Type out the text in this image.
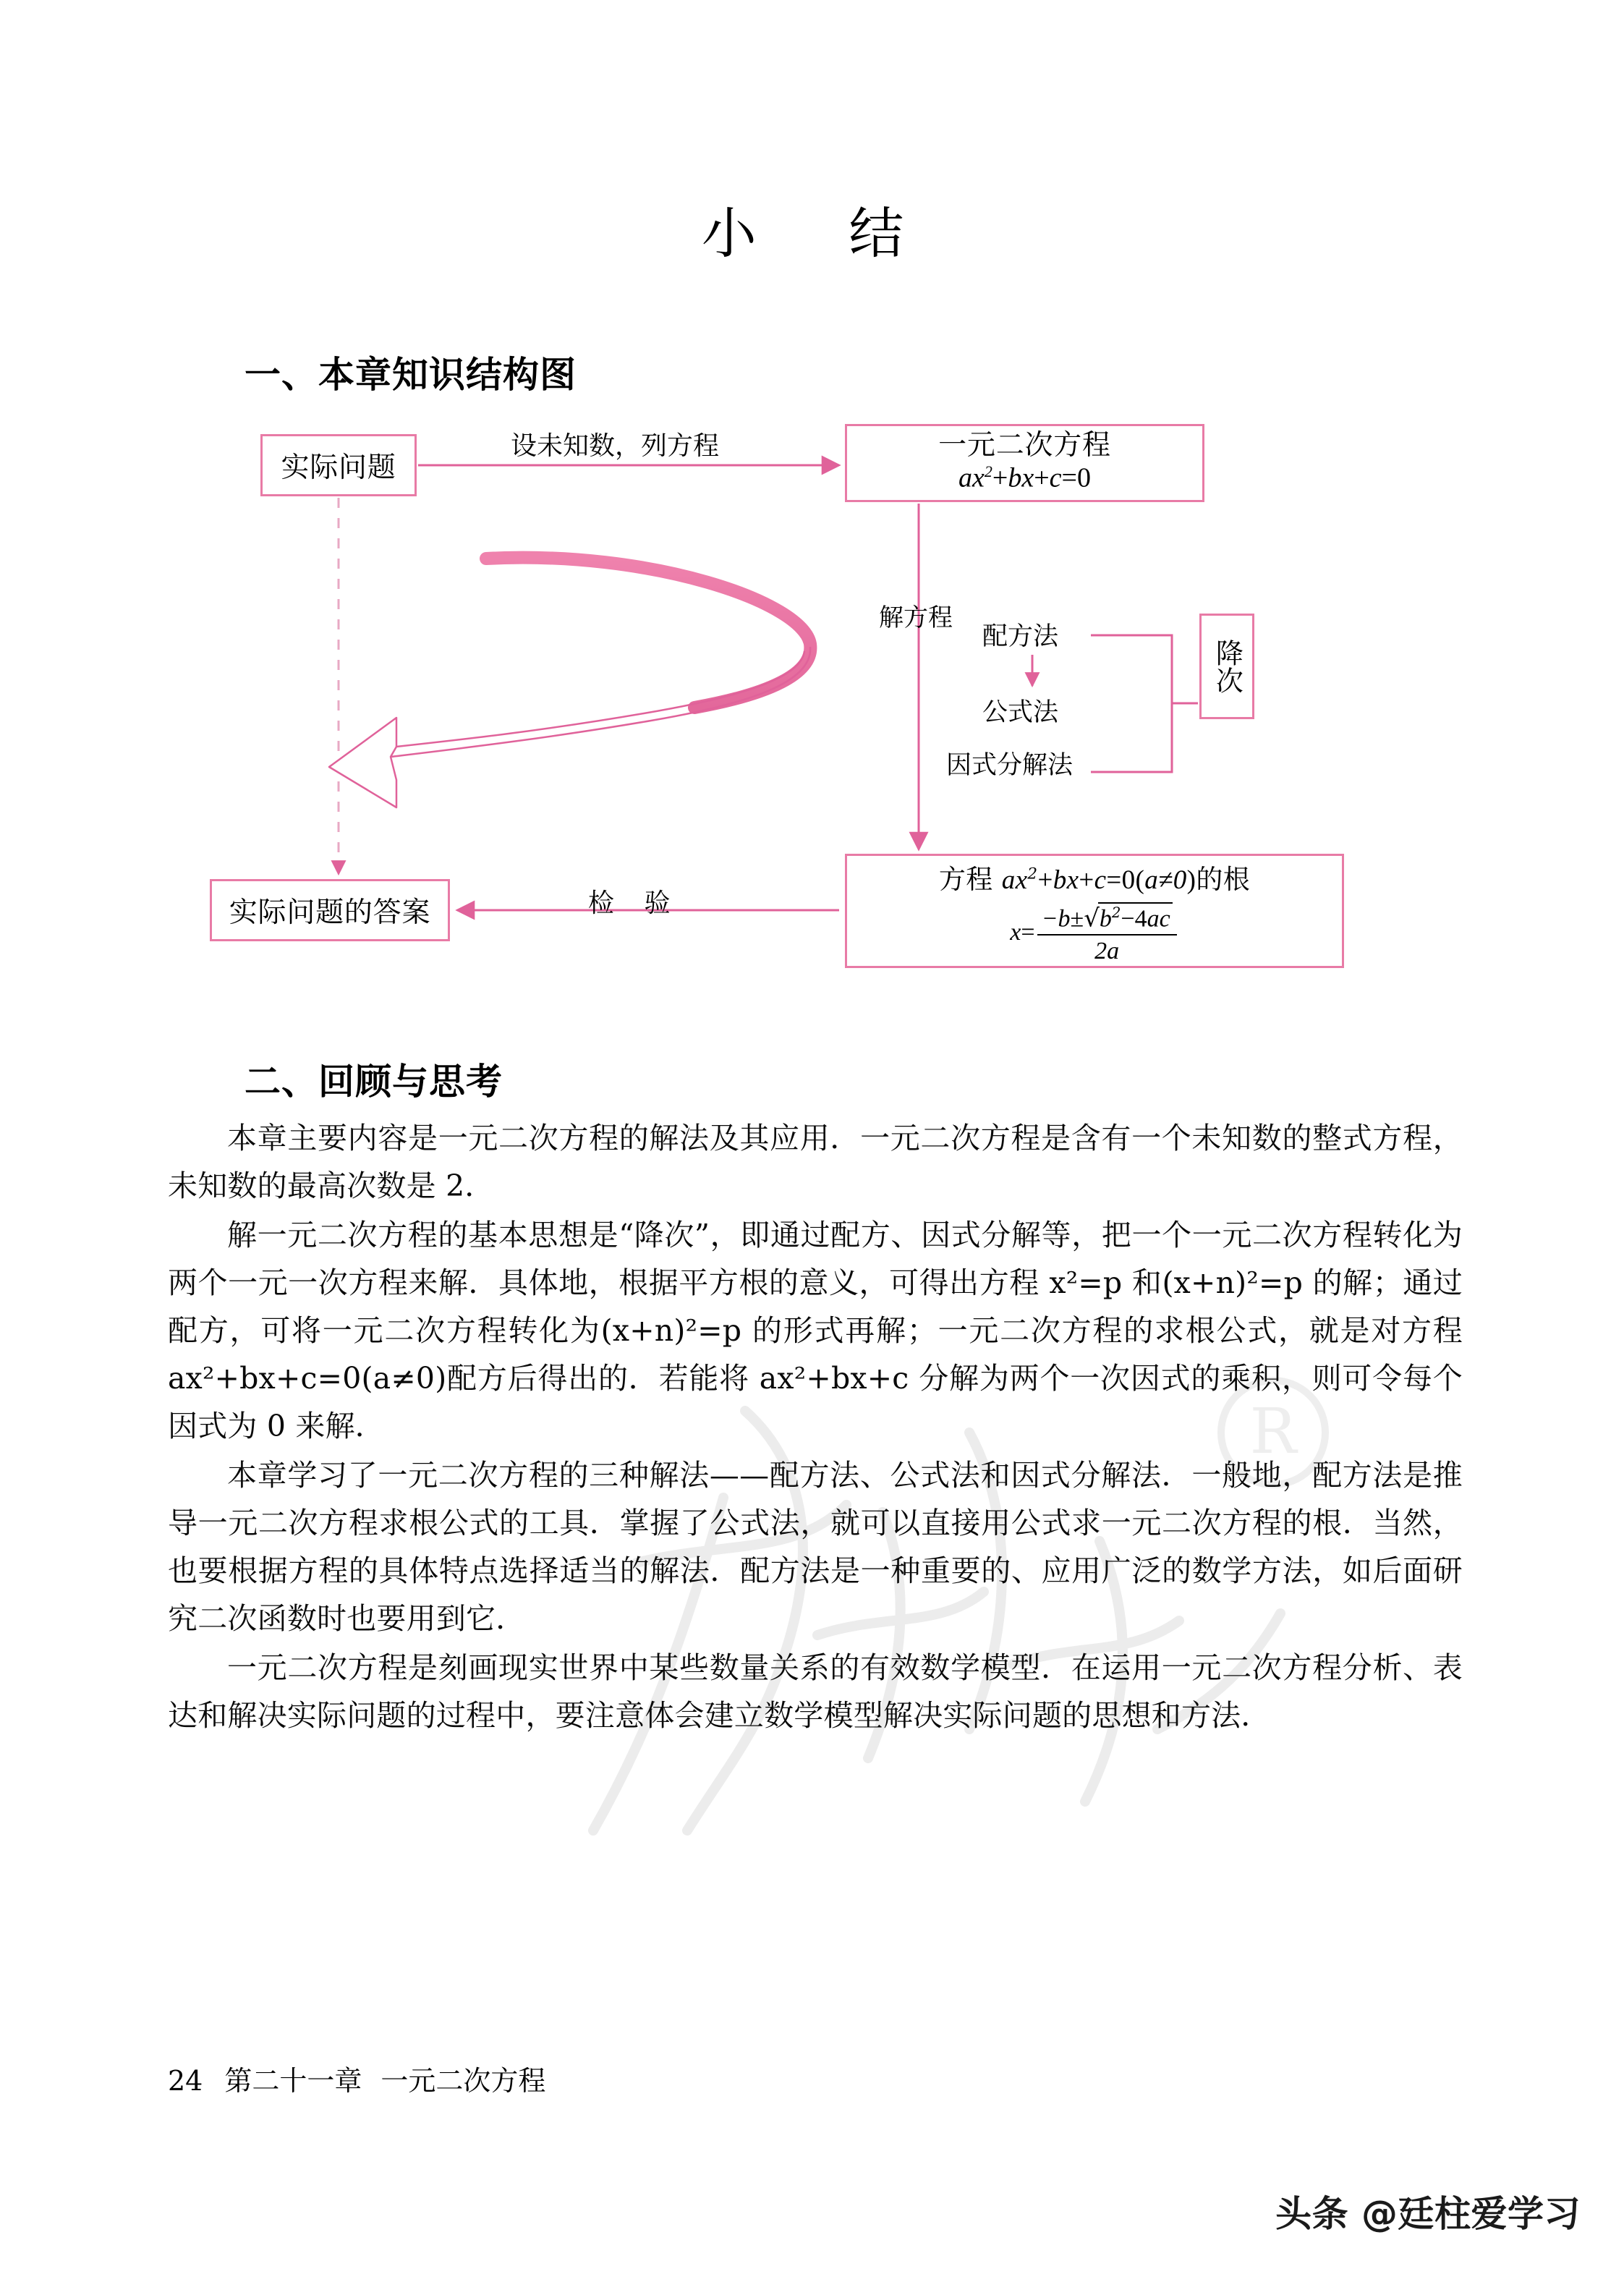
R
小　结
一、本章知识结构图
实际问题
一元二次方程
$ax^2+bx+c=0$
实际问题的答案
降次
方程 $ax^2+bx+c=0(a\ne 0)$的根
$x= \frac{-b\pm√b^2-4ac}{2a}$
设未知数，列方程
检 验
解方程
配方法
公式法
因式分解法
二、回顾与思考

本章主要内容是一元二次方程的解法及其应用．一元二次方程是含有一个未知数的整式方程，未知数的最高次数是 2．

解一元二次方程的基本思想是“降次”，即通过配方、因式分解等，把一个一元二次方程转化为两个一元一次方程来解．具体地，根据平方根的意义，可得出方程 x²=p 和(x+n)²=p 的解；通过配方，可将一元二次方程转化为(x+n)²=p 的形式再解；一元二次方程的求根公式，就是对方程 ax²+bx+c=0(a≠0)配方后得出的．若能将 ax²+bx+c 分解为两个一次因式的乘积，则可令每个因式为 0 来解．

本章学习了一元二次方程的三种解法——配方法、公式法和因式分解法．一般地，配方法是推导一元二次方程求根公式的工具．掌握了公式法，就可以直接用公式求一元二次方程的根．当然，也要根据方程的具体特点选择适当的解法．配方法是一种重要的、应用广泛的数学方法，如后面研究二次函数时也要用到它．

一元二次方程是刻画现实世界中某些数量关系的有效数学模型．在运用一元二次方程分析、表达和解决实际问题的过程中，要注意体会建立数学模型解决实际问题的思想和方法．

24 第二十一章 一元二次方程
头条 @廷柱爱学习
